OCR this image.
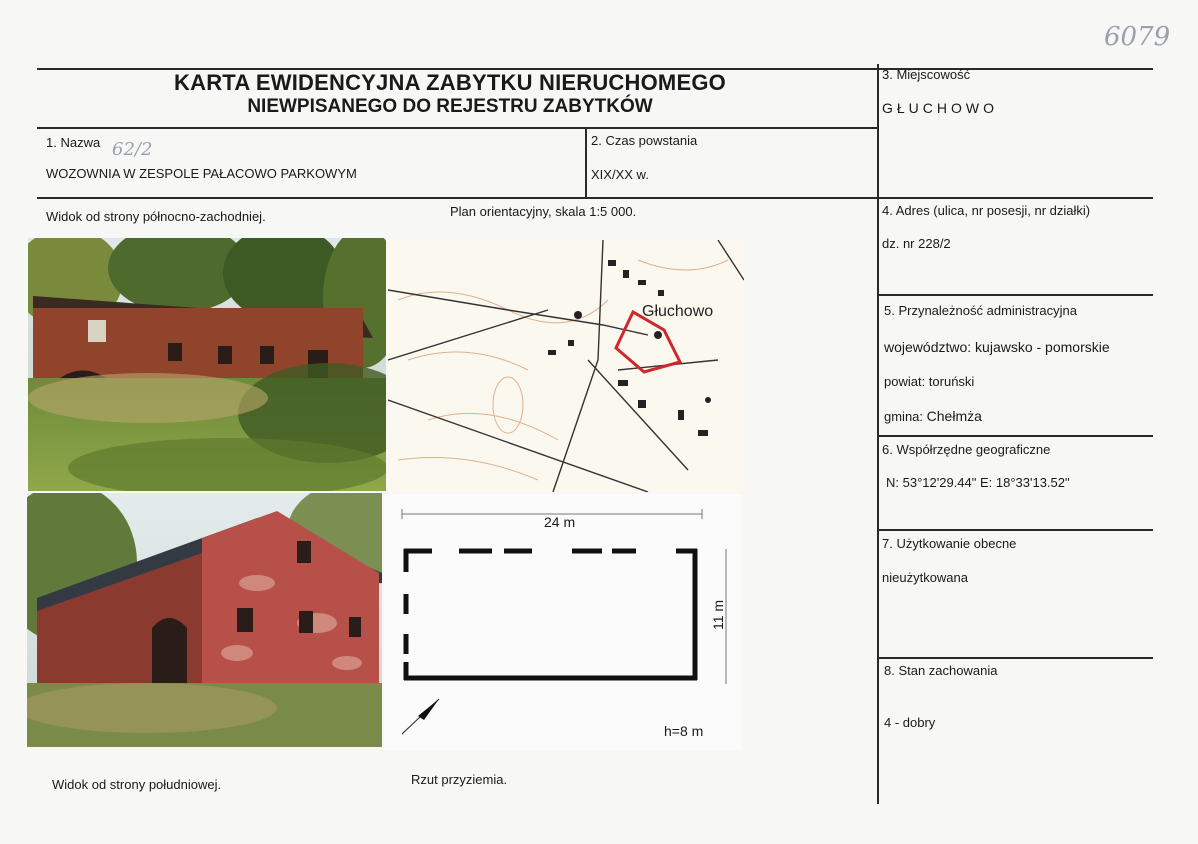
6079
KARTA EWIDENCYJNA ZABYTKU NIERUCHOMEGO
NIEWPISANEGO DO REJESTRU ZABYTKÓW
1. Nazwa 62/2
WOZOWNIA W ZESPOLE PAŁACOWO PARKOWYM
2. Czas powstania
XIX/XX w.
3. Miejscowość
GŁUCHOWO
4. Adres (ulica, nr posesji, nr działki)
dz. nr 228/2
5. Przynależność administracyjna
województwo: kujawsko - pomorskie
powiat: toruński
gmina: Chełmża
6. Współrzędne geograficzne
N: 53°12'29.44" E: 18°33'13.52"
7. Użytkowanie obecne
nieużytkowana
8. Stan zachowania
4 - dobry
Widok od strony północno-zachodniej.	Plan orientacyjny, skala 1:5 000.
Widok od strony południowej.	Rzut przyziemia.
Głuchowo
24 m
11 m
h=8 m
